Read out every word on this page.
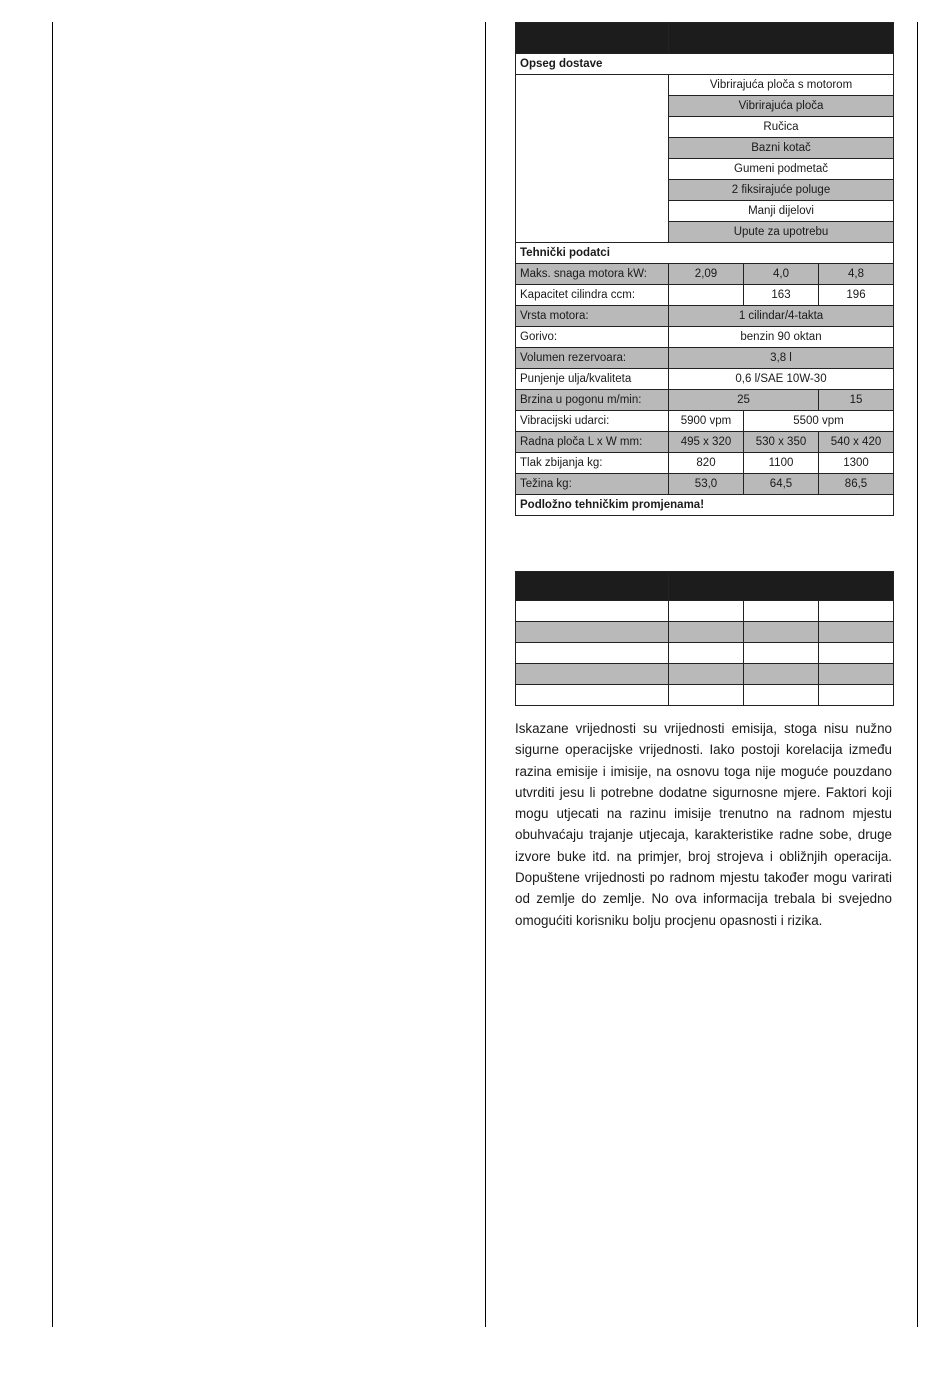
Opseg dostave			
	Vibrirajuća ploča s motorom		
	Vibrirajuća ploča		
	Ručica		
	Bazni kotač		
	Gumeni podmetač		
	2 fiksirajuće poluge		
	Manji dijelovi		
	Upute za upotrebu		
Tehnički podatci			
Maks. snaga motora kW:	2,09	4,0	4,8
Kapacitet cilindra ccm:		163	196
Vrsta motora:	1 cilindar/4-takta		
Gorivo:	benzin 90 oktan		
Volumen rezervoara:	3,8 l		
Punjenje ulja/kvaliteta	0,6 l/SAE 10W-30		
Brzina u pogonu m/min:	25		15
Vibracijski udarci:	5900 vpm	5500 vpm	
Radna ploča L x W mm:	495 x 320	530 x 350	540 x 420
Tlak zbijanja kg:	820	1100	1300
Težina kg:	53,0	64,5	86,5
Podložno tehničkim promjenama!			

Iskazane vrijednosti su vrijednosti emisija, stoga nisu nužno sigurne operacijske vrijednosti. Iako postoji korelacija između razina emisije i imisije, na osnovu toga nije moguće pouzdano utvrditi jesu li potrebne dodatne sigurnosne mjere. Faktori koji mogu utjecati na razinu imisije trenutno na radnom mjestu obuhvaćaju trajanje utjecaja, karakteristike radne sobe, druge izvore buke itd. na primjer, broj strojeva i obližnjih operacija. Dopuštene vrijednosti po radnom mjestu također mogu varirati od zemlje do zemlje. No ova informacija trebala bi svejedno omogućiti korisniku bolju procjenu opasnosti i rizika.
